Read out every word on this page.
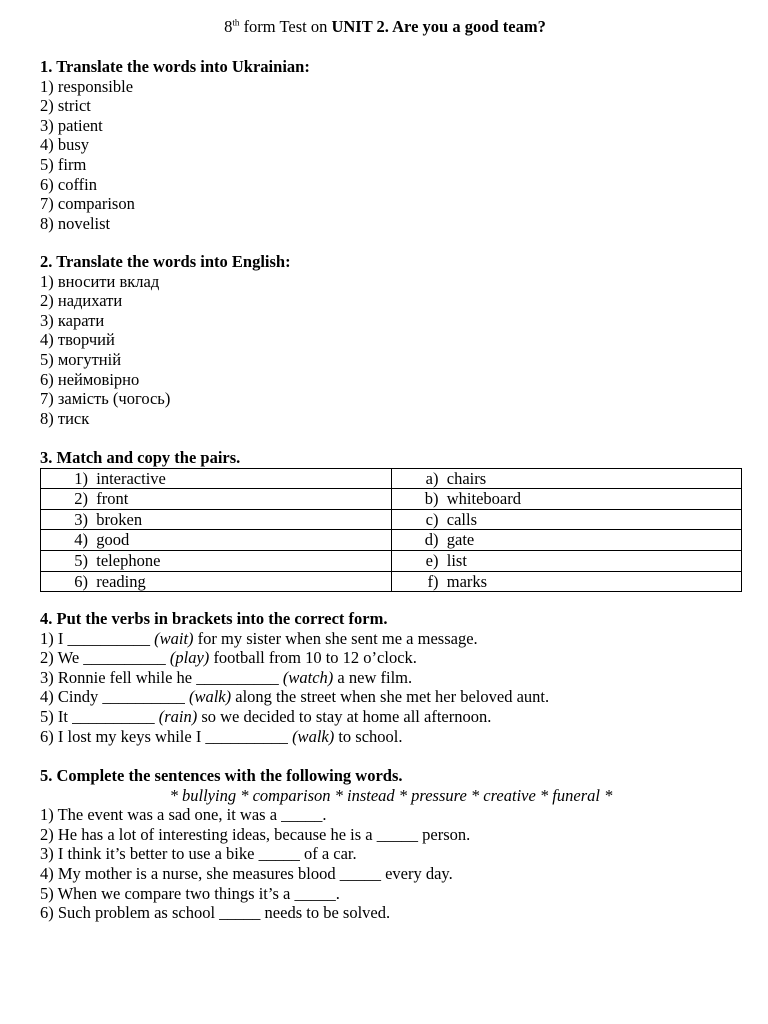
8th form Test on UNIT 2. Are you a good team?
1. Translate the words into Ukrainian:
1) responsible
2) strict
3) patient
4) busy
5) firm
6) coffin
7) comparison
8) novelist
2. Translate the words into English:
1) вносити вклад
2) надихати
3) карати
4) творчий
5) могутній
6) неймовірно
7) замість (чогось)
8) тиск
3. Match and copy the pairs.
1) interactive	a) chairs
2) front	b) whiteboard
3) broken	c) calls
4) good	d) gate
5) telephone	e) list
6) reading	f) marks
4. Put the verbs in brackets into the correct form.
1) I __________ (wait) for my sister when she sent me a message.
2) We __________ (play) football from 10 to 12 o’clock.
3) Ronnie fell while he __________ (watch) a new film.
4) Cindy __________ (walk) along the street when she met her beloved aunt.
5) It __________ (rain) so we decided to stay at home all afternoon.
6) I lost my keys while I __________ (walk) to school.
5. Complete the sentences with the following words.
* bullying * comparison * instead * pressure * creative * funeral *
1) The event was a sad one, it was a _____.
2) He has a lot of interesting ideas, because he is a _____ person.
3) I think it’s better to use a bike _____ of a car.
4) My mother is a nurse, she measures blood _____ every day.
5) When we compare two things it’s a _____.
6) Such problem as school _____ needs to be solved.
